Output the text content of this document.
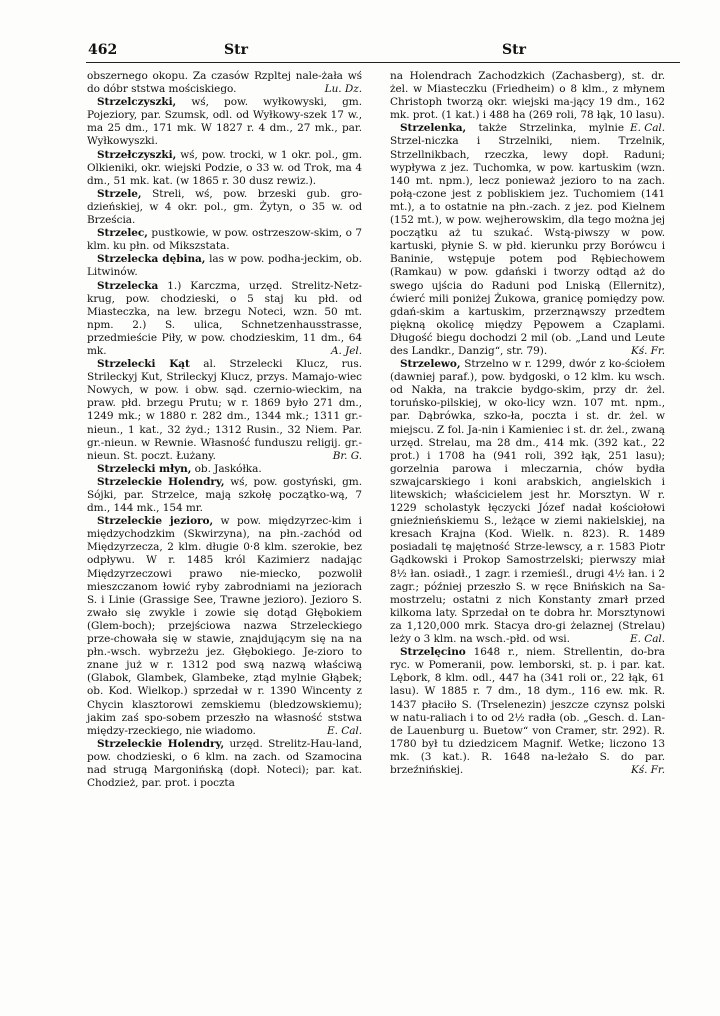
462	Str	Str

obszernego okopu. Za czasów Rzpltej nale-żała wś do dóbr ststwa mościskiego.	Lu. Dz.

Strzelczyszki, wś, pow. wyłkowyski, gm. Pojeziory, par. Szumsk, odl. od Wyłkowy-szek 17 w., ma 25 dm., 171 mk. W 1827 r. 4 dm., 27 mk., par. Wyłkowyszki.

Strzełczyszki, wś, pow. trocki, w 1 okr. pol., gm. Olkieniki, okr. wiejski Podzie, o 33 w. od Trok, ma 4 dm., 51 mk. kat. (w 1865 r. 30 dusz rewiz.).

Strzele, Streli, wś, pow. brzeski gub. gro-dzieńskiej, w 4 okr. pol., gm. Żytyn, o 35 w. od Brześcia.

Strzelec, pustkowie, w pow. ostrzeszow-skim, o 7 klm. ku płn. od Mikszstata.

Strzelecka dębina, las w pow. podha-jeckim, ob. Litwinów.

Strzelecka 1.) Karczma, urzęd. Strelitz-Netz-krug, pow. chodzieski, o 5 staj ku płd. od Miasteczka, na lew. brzegu Noteci, wzn. 50 mt. npm. 2.) S. ulica, Schnetzenhausstrasse, przedmieście Piły, w pow. chodzieskim, 11 dm., 64 mk.	A. Jel.

Strzelecki Kąt al. Strzelecki Klucz, rus. Strileckyj Kut, Strileckyj Klucz, przys. Mamajo-wiec Nowych, w pow. i obw. sąd. czernio-wieckim, na praw. płd. brzegu Prutu; w r. 1869 było 271 dm., 1249 mk.; w 1880 r. 282 dm., 1344 mk.; 1311 gr.-nieun., 1 kat., 32 żyd.; 1312 Rusin., 32 Niem. Par. gr.-nieun. w Rewnie. Własność funduszu religij. gr.-nieun. St. poczt. Łużany.	Br. G.

Strzelecki młyn, ob. Jaskółka.

Strzeleckie Holendry, wś, pow. gostyński, gm. Sójki, par. Strzelce, mają szkołę początko-wą, 7 dm., 144 mk., 154 mr.

Strzeleckie jezioro, w pow. międzyrzec-kim i międzychodzkim (Skwirzyna), na płn.-zachód od Międzyrzecza, 2 klm. długie 0·8 klm. szerokie, bez odpływu. W r. 1485 król Kazimierz nadając Międzyrzeczowi prawo nie-miecko, pozwolił mieszczanom łowić ryby zabrodniami na jeziorach S. i Linie (Grassige See, Trawne jezioro). Jezioro S. zwało się zwykle i zowie się dotąd Głębokiem (Glem-boch); przejściowa nazwa Strzeleckiego prze-chowała się w stawie, znajdującym się na na płn.-wsch. wybrzeżu jez. Głębokiego. Je-zioro to znane już w r. 1312 pod swą nazwą właściwą (Glabok, Glambek, Glambeke, ztąd mylnie Głąbek; ob. Kod. Wielkop.) sprzedał w r. 1390 Wincenty z Chycin klasztorowi zemskiemu (bledzowskiemu); jakim zaś spo-sobem przeszło na własność ststwa między-rzeckiego, nie wiadomo.	E. Cal.

Strzeleckie Holendry, urzęd. Strelitz-Hau-land, pow. chodzieski, o 6 klm. na zach. od Szamocina nad strugą Margonińską (dopł. Noteci); par. kat. Chodzież, par. prot. i poczta

na Holendrach Zachodzkich (Zachasberg), st. dr. żel. w Miasteczku (Friedheim) o 8 klm., z młynem Christoph tworzą okr. wiejski ma-jący 19 dm., 162 mk. prot. (1 kat.) i 488 ha (269 roli, 78 łąk, 10 lasu).
E. Cal.

Strzelenka, także Strzelinka, mylnie Strzel-niczka i Strzelniki, niem. Trzelnik, Strzellnikbach, rzeczka, lewy dopł. Raduni; wypływa z jez. Tuchomka, w pow. kartuskim (wzn. 140 mt. npm.), lecz ponieważ jezioro to na zach. połą-czone jest z pobliskiem jez. Tuchomiem (141 mt.), a to ostatnie na płn.-zach. z jez. pod Kielnem (152 mt.), w pow. wejherowskim, dla tego można jej początku aż tu szukać. Wstą-piwszy w pow. kartuski, płynie S. w płd. kierunku przy Borówcu i Baninie, wstępuje potem pod Rębiechowem (Ramkau) w pow. gdański i tworzy odtąd aż do swego ujścia do Raduni pod Lniską (Ellernitz), ćwierć mili poniżej Żukowa, granicę pomiędzy pow. gdań-skim a kartuskim, przerznąwszy przedtem piękną okolicę między Pępowem a Czaplami. Długość biegu dochodzi 2 mil (ob. „Land und Leute des Landkr., Danzig“, str. 79).	Kś. Fr.

Strzelewo, Strzelno w r. 1299, dwór z ko-ściołem (dawniej paraf.), pow. bydgoski, o 12 klm. ku wsch. od Nakła, na trakcie bydgo-skim, przy dr. żel. toruńsko-pilskiej, w oko-licy wzn. 107 mt. npm., par. Dąbrówka, szko-ła, poczta i st. dr. żel. w miejscu. Z fol. Ja-nin i Kamieniec i st. dr. żel., zwaną urzęd. Strelau, ma 28 dm., 414 mk. (392 kat., 22 prot.) i 1708 ha (941 roli, 392 łąk, 251 lasu); gorzelnia parowa i mleczarnia, chów bydła szwajcarskiego i koni arabskich, angielskich i litewskich; właścicielem jest hr. Morsztyn. W r. 1229 scholastyk łęczycki Józef nadał kościołowi gnieźnieńskiemu S., leżące w ziemi nakielskiej, na kresach Krajna (Kod. Wielk. n. 823). R. 1489 posiadali tę majętność Strze-lewscy, a r. 1583 Piotr Gądkowski i Prokop Samostrzelski; pierwszy miał 8½ łan. osiadł., 1 zagr. i rzemieśl., drugi 4½ łan. i 2 zagr.; później przeszło S. w ręce Bnińskich na Sa-mostrzelu; ostatni z nich Konstanty zmarł przed kilkoma laty. Sprzedał on te dobra hr. Morsztynowi za 1,120,000 mrk. Stacya dro-gi żelaznej (Strelau) leży o 3 klm. na wsch.-płd. od wsi.	E. Cal.

Strzelęcino 1648 r., niem. Strellentin, do-bra ryc. w Pomeranii, pow. lemborski, st. p. i par. kat. Lębork, 8 klm. odl., 447 ha (341 roli or., 22 łąk, 61 lasu). W 1885 r. 7 dm., 18 dym., 116 ew. mk. R. 1437 płaciło S. (Trselenezin) jeszcze czynsz polski w natu-raliach i to od 2½ radła (ob. „Gesch. d. Lan-de Lauenburg u. Buetow“ von Cramer, str. 292). R. 1780 był tu dziedzicem Magnif. Wetke; liczono 13 mk. (3 kat.). R. 1648 na-leżało S. do par. brzeźnińskiej.	Kś. Fr.
